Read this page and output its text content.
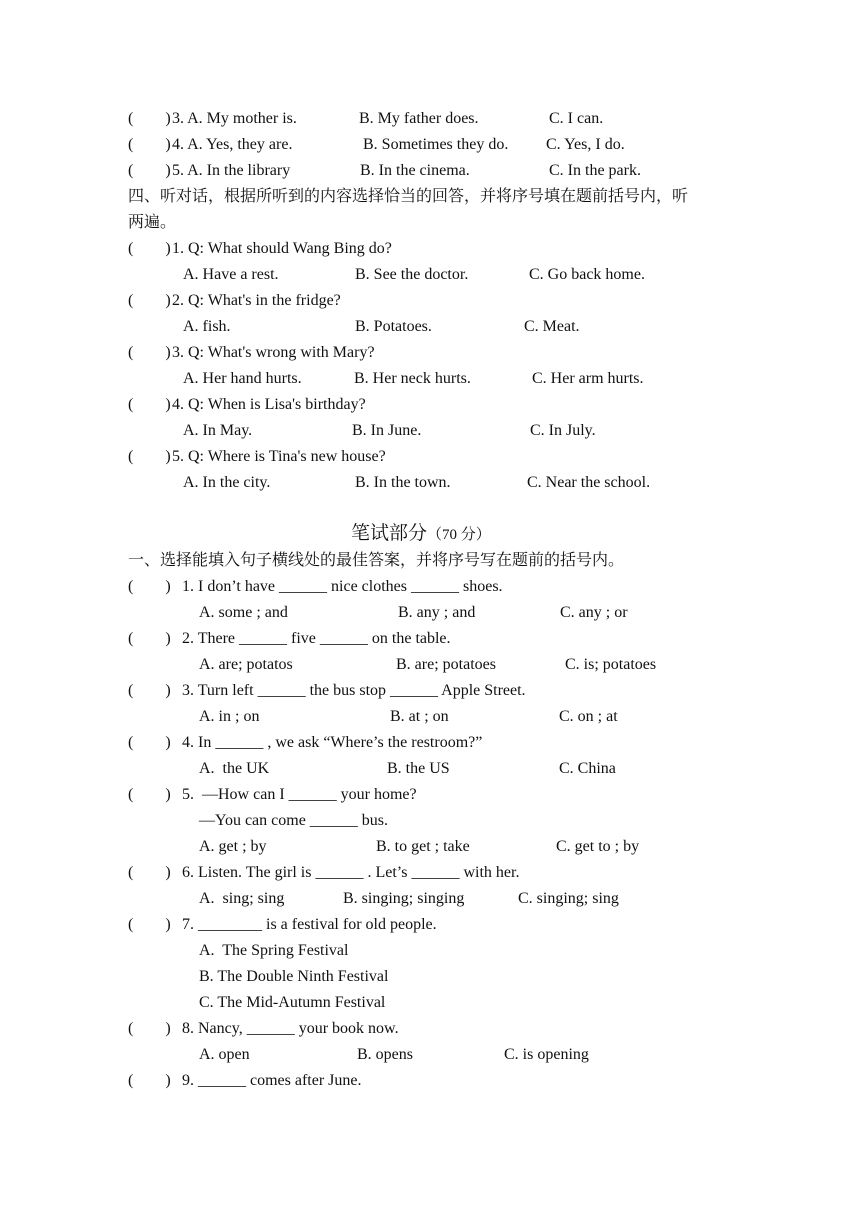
(        ) 3. A. My mother is.	B. My father does.	C. I can.
(        ) 4. A. Yes, they are.	B. Sometimes they do. C. Yes, I do.
(        ) 5. A. In the library	B. In the cinema.	C. In the park.
四、听对话，根据所听到的内容选择恰当的回答，并将序号填在题前括号内，听
两遍。
(        ) 1. Q: What should Wang Bing do?
A. Have a rest.	B. See the doctor.	C. Go back home.
(        ) 2. Q: What's in the fridge?
A. fish.	B. Potatoes.	C. Meat.
(        ) 3. Q: What's wrong with Mary?
A. Her hand hurts.	B. Her neck hurts.	C. Her arm hurts.
(        ) 4. Q: When is Lisa's birthday?
A. In May.	B. In June.	C. In July.
(        ) 5. Q: Where is Tina's new house?
A. In the city.	B. In the town.	C. Near the school.
笔试部分（70 分）
一、选择能填入句子横线处的最佳答案，并将序号写在题前的括号内。
(        ) 1. I don’t have ______ nice clothes ______ shoes.
A. some ; and	B. any ; and	C. any ; or
(        ) 2. There ______ five ______ on the table.
A. are; potatos	B. are; potatoes	C. is; potatoes
(        ) 3. Turn left ______ the bus stop ______ Apple Street.
A. in ; on	B. at ; on	C. on ; at
(        ) 4. In ______ , we ask “Where’s the restroom?”
A.  the UK	B. the US	C. China
(        ) 5.  —How can I ______ your home?
—You can come ______ bus.
A. get ; by	B. to get ; take	C. get to ; by
(        ) 6. Listen. The girl is ______ . Let’s ______ with her.
A.  sing; sing	B. singing; singing	C. singing; sing
(        ) 7. ________ is a festival for old people.
A.  The Spring Festival
B. The Double Ninth Festival
C. The Mid-Autumn Festival
(        ) 8. Nancy, ______ your book now.
A. open	B. opens	C. is opening
(        ) 9. ______ comes after June.
